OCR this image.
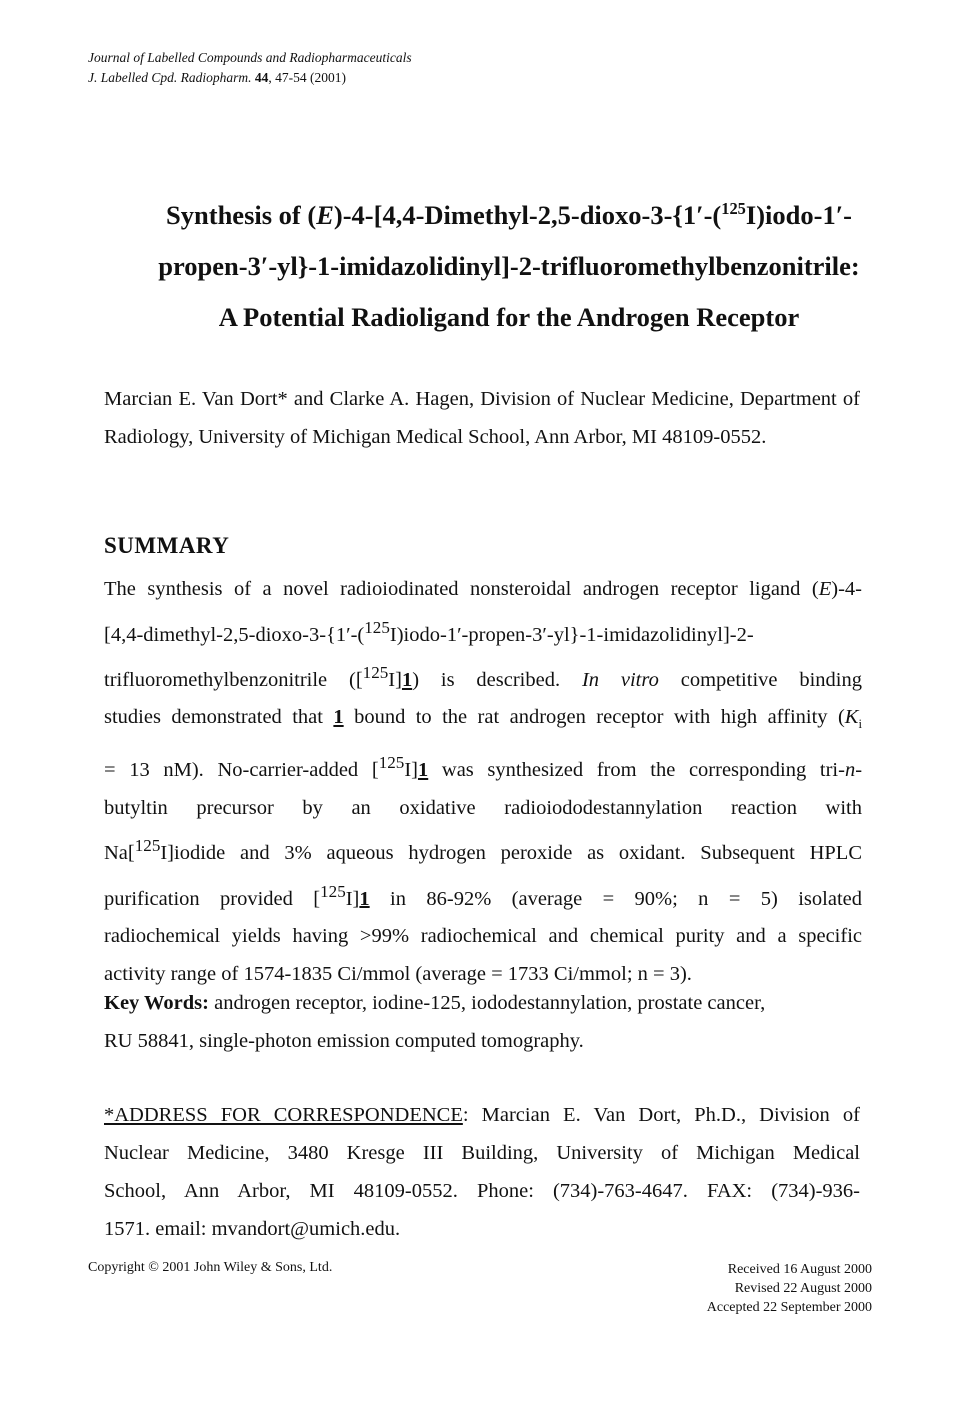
Journal of Labelled Compounds and Radiopharmaceuticals
J. Labelled Cpd. Radiopharm. 44, 47-54 (2001)
Synthesis of (E)-4-[4,4-Dimethyl-2,5-dioxo-3-{1′-($^{125}$I)iodo-1′-
propen-3′-yl}-1-imidazolidinyl]-2-trifluoromethylbenzonitrile:
A Potential Radioligand for the Androgen Receptor
Marcian E. Van Dort* and Clarke A. Hagen, Division of Nuclear Medicine, Department of Radiology, University of Michigan Medical School, Ann Arbor, MI 48109-0552.
SUMMARY
The synthesis of a novel radioiodinated nonsteroidal androgen receptor ligand (E)-4-
[4,4-dimethyl-2,5-dioxo-3-{1′-($^{125}$I)iodo-1′-propen-3′-yl}-1-imidazolidinyl]-2-
trifluoromethylbenzonitrile ([$^{125}$I]1) is described. In vitro competitive binding
studies demonstrated that 1 bound to the rat androgen receptor with high affinity ($K_i$
= 13 nM). No-carrier-added [$^{125}$I]1 was synthesized from the corresponding tri-n-
butyltin precursor by an oxidative radioiododestannylation reaction with
Na[$^{125}$I]iodide and 3% aqueous hydrogen peroxide as oxidant. Subsequent HPLC
purification provided [$^{125}$I]1 in 86-92% (average = 90%; n = 5) isolated
radiochemical yields having >99% radiochemical and chemical purity and a specific
activity range of 1574-1835 Ci/mmol (average = 1733 Ci/mmol; n = 3).
Key Words: androgen receptor, iodine-125, iododestannylation, prostate cancer,
RU 58841, single-photon emission computed tomography.
*ADDRESS FOR CORRESPONDENCE: Marcian E. Van Dort, Ph.D., Division of
Nuclear Medicine, 3480 Kresge III Building, University of Michigan Medical
School, Ann Arbor, MI 48109-0552. Phone: (734)-763-4647. FAX: (734)-936-
1571. email: mvandort@umich.edu.
Copyright © 2001 John Wiley & Sons, Ltd.	Received 16 August 2000
Revised 22 August 2000
Accepted 22 September 2000
